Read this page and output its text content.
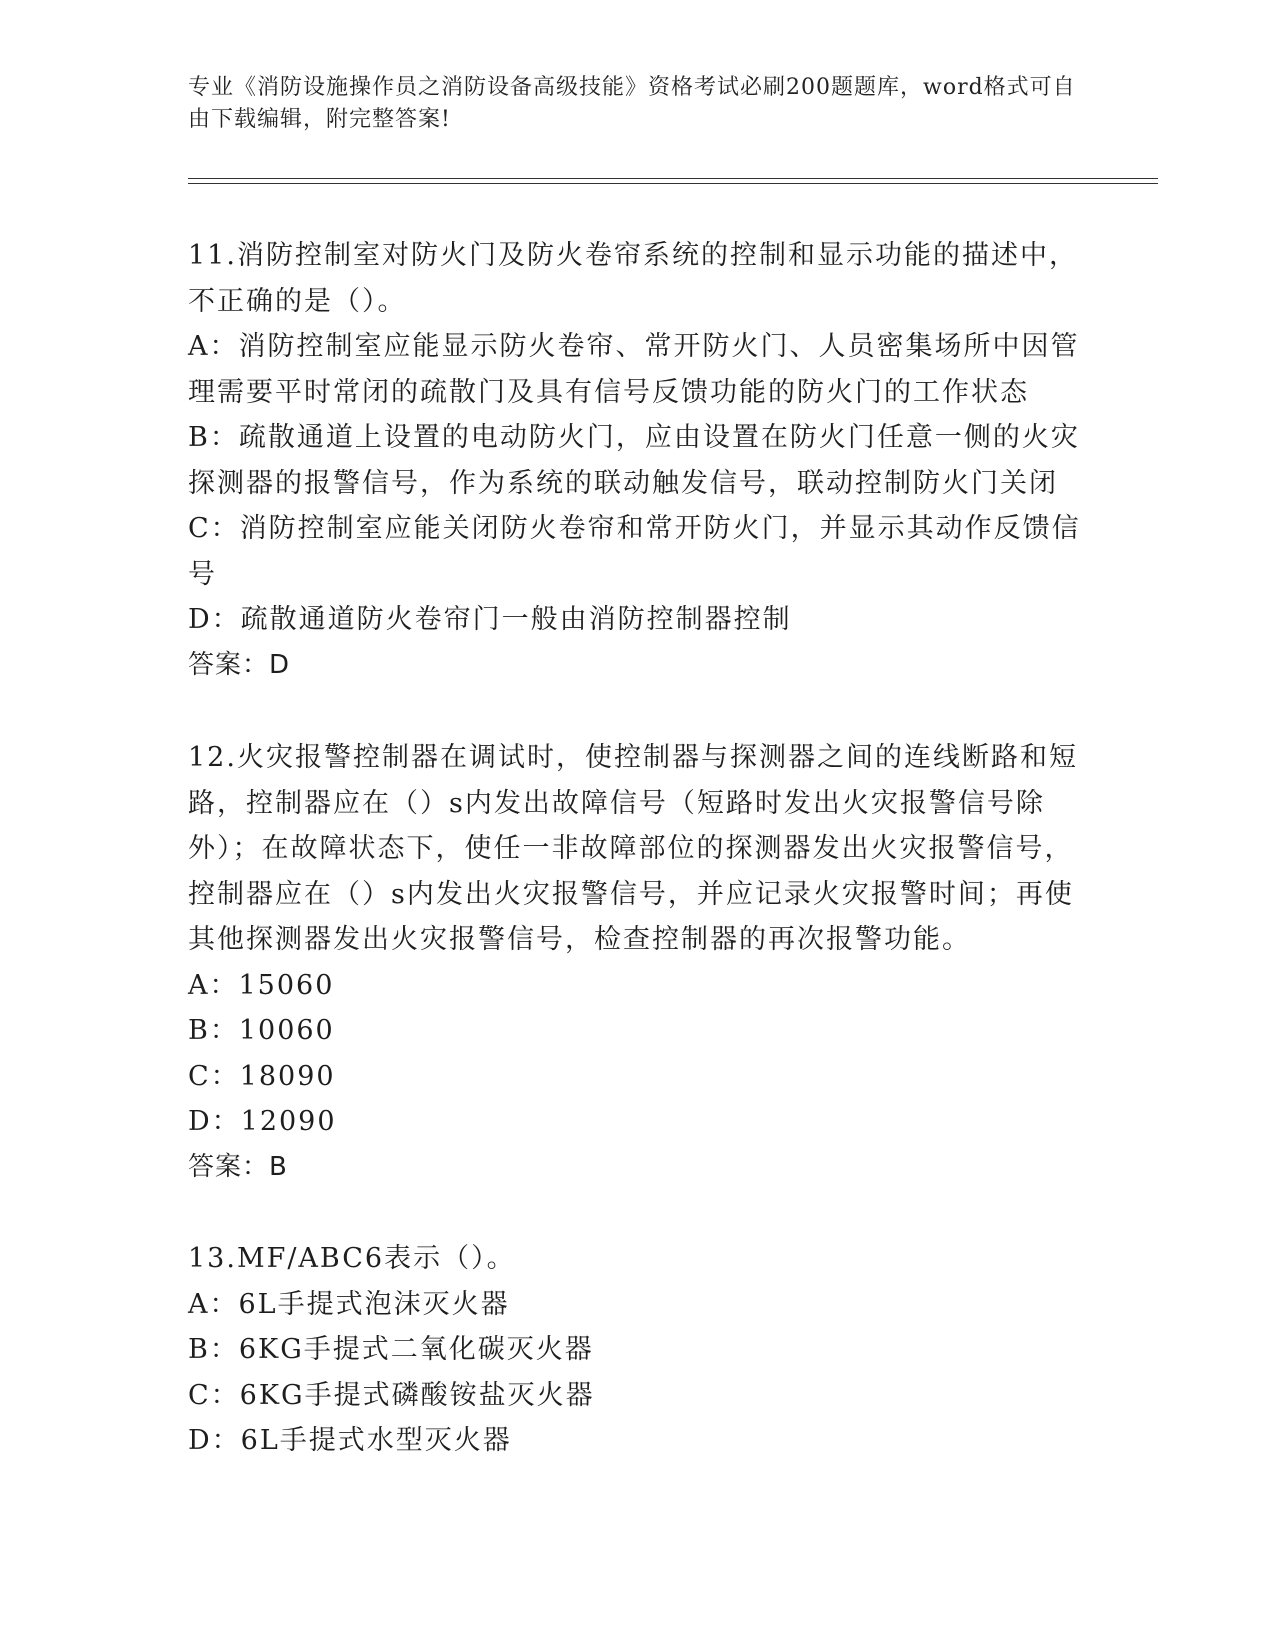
专业《消防设施操作员之消防设备高级技能》资格考试必刷200题题库，word格式可自由下载编辑，附完整答案!

11.消防控制室对防火门及防火卷帘系统的控制和显示功能的描述中，不正确的是（）。

A：消防控制室应能显示防火卷帘、常开防火门、人员密集场所中因管理需要平时常闭的疏散门及具有信号反馈功能的防火门的工作状态

B：疏散通道上设置的电动防火门，应由设置在防火门任意一侧的火灾探测器的报警信号，作为系统的联动触发信号，联动控制防火门关闭

C：消防控制室应能关闭防火卷帘和常开防火门，并显示其动作反馈信号

D：疏散通道防火卷帘门一般由消防控制器控制

答案：D

12.火灾报警控制器在调试时，使控制器与探测器之间的连线断路和短路，控制器应在（）s内发出故障信号（短路时发出火灾报警信号除外）；在故障状态下，使任一非故障部位的探测器发出火灾报警信号，控制器应在（）s内发出火灾报警信号，并应记录火灾报警时间；再使其他探测器发出火灾报警信号，检查控制器的再次报警功能。

A：15060

B：10060

C：18090

D：12090

答案：B

13.MF/ABC6表示（）。

A：6L手提式泡沫灭火器

B：6KG手提式二氧化碳灭火器

C：6KG手提式磷酸铵盐灭火器

D：6L手提式水型灭火器
